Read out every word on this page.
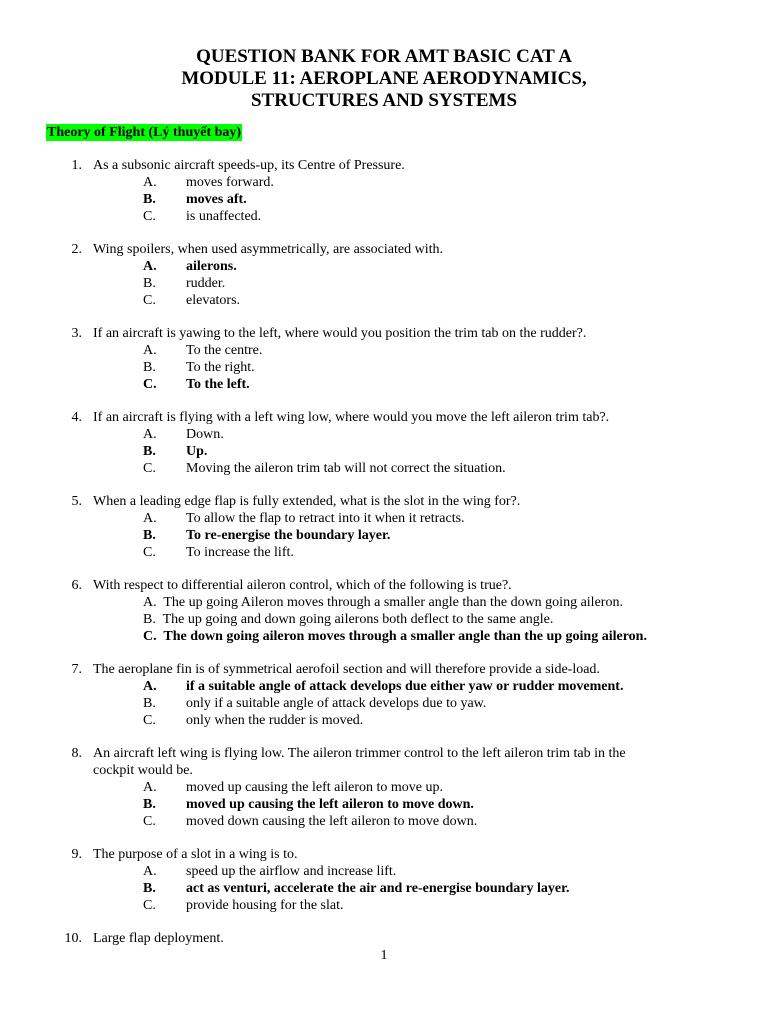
QUESTION BANK FOR AMT BASIC CAT A
MODULE 11: AEROPLANE AERODYNAMICS,
STRUCTURES AND SYSTEMS
Theory of Flight (Lý thuyết bay)
1. As a subsonic aircraft speeds-up, its Centre of Pressure.
A. moves forward.
B. moves aft.
C. is unaffected.
2. Wing spoilers, when used asymmetrically, are associated with.
A. ailerons.
B. rudder.
C. elevators.
3. If an aircraft is yawing to the left, where would you position the trim tab on the rudder?.
A. To the centre.
B. To the right.
C. To the left.
4. If an aircraft is flying with a left wing low, where would you move the left aileron trim tab?.
A. Down.
B. Up.
C. Moving the aileron trim tab will not correct the situation.
5. When a leading edge flap is fully extended, what is the slot in the wing for?.
A. To allow the flap to retract into it when it retracts.
B. To re-energise the boundary layer.
C. To increase the lift.
6. With respect to differential aileron control, which of the following is true?.
A. The up going Aileron moves through a smaller angle than the down going aileron.
B. The up going and down going ailerons both deflect to the same angle.
C. The down going aileron moves through a smaller angle than the up going aileron.
7. The aeroplane fin is of symmetrical aerofoil section and will therefore provide a side-load.
A. if a suitable angle of attack develops due either yaw or rudder movement.
B. only if a suitable angle of attack develops due to yaw.
C. only when the rudder is moved.
8. An aircraft left wing is flying low. The aileron trimmer control to the left aileron trim tab in the
cockpit would be.
A. moved up causing the left aileron to move up.
B. moved up causing the left aileron to move down.
C. moved down causing the left aileron to move down.
9. The purpose of a slot in a wing is to.
A. speed up the airflow and increase lift.
B. act as venturi, accelerate the air and re-energise boundary layer.
C. provide housing for the slat.
10. Large flap deployment.
1
